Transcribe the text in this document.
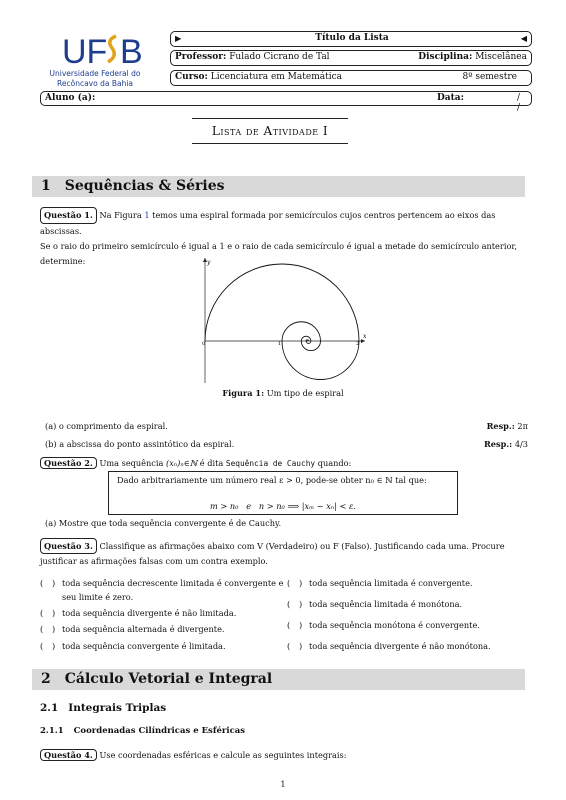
UF B
Universidade Federal do
Recôncavo da Bahia
▶	Título da Lista	◀
Professor: Fulado Cicrano de Tal	Disciplina: Miscelânea
Curso: Licenciatura em Matemática	8º semestre
Aluno (a):	Data:	/ /
Lista de Atividade I
1 Sequências & Séries
Questão 1. Na Figura 1 temos uma espiral formada por semicírculos cujos centros pertencem ao eixos das abscissas.
Se o raio do primeiro semicírculo é igual a 1 e o raio de cada semicírculo é igual a metade do semicírculo anterior,
determine:	y
x
0	1	2
Figura 1: Um tipo de espiral
(a) o comprimento da espiral.	Resp.: 2π
(b) a abscissa do ponto assintótico da espiral.	Resp.: 4/3
Questão 2. Uma sequência (xₙ)ₙ∈ℕ é dita Sequência de Cauchy quando:
Dado arbitrariamente um número real ε > 0, pode-se obter n₀ ∈ ℕ tal que:
m > n₀   e   n > n₀ ⟹ |xₘ − xₙ| < ε.
(a) Mostre que toda sequência convergente é de Cauchy.
Questão 3. Classifique as afirmações abaixo com V (Verdadeiro) ou F (Falso). Justificando cada uma. Procure
justificar as afirmações falsas com um contra exemplo.
( ) toda sequência decrescente limitada é convergente e
seu limite é zero.
( ) toda sequência divergente é não limitada.
( ) toda sequência alternada é divergente.
( ) toda sequência convergente é limitada.
( ) toda sequência limitada é convergente.
( ) toda sequência limitada é monótona.
( ) toda sequência monótona é convergente.
( ) toda sequência divergente é não monótona.
2 Cálculo Vetorial e Integral
2.1 Integrais Triplas
2.1.1 Coordenadas Cilíndricas e Esféricas
Questão 4. Use coordenadas esféricas e calcule as seguintes integrais:
1
